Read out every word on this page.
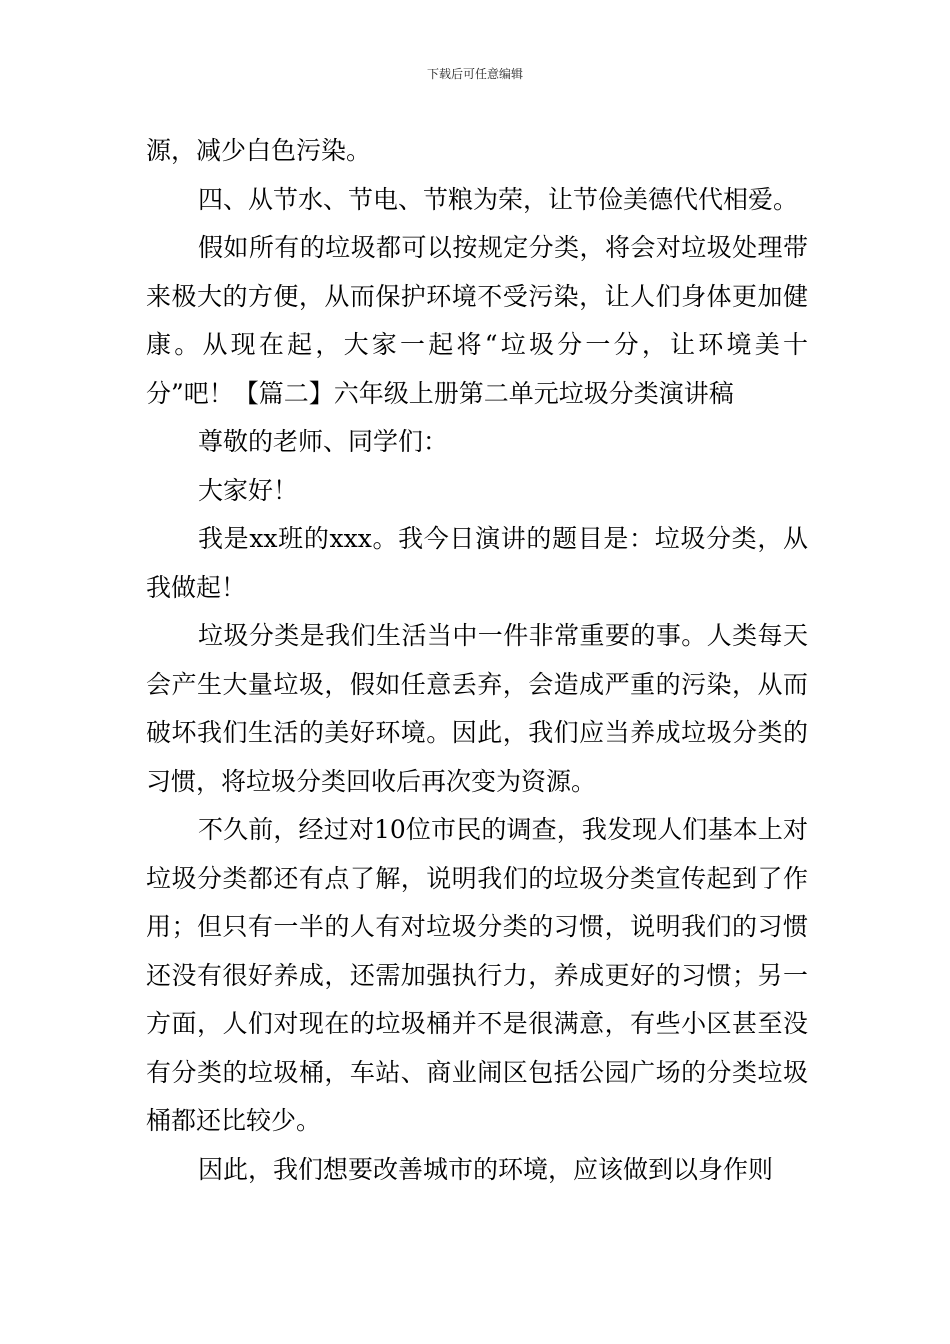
下载后可任意编辑

源，减少白色污染。

四、从节水、节电、节粮为荣，让节俭美德代代相爱。

假如所有的垃圾都可以按规定分类，将会对垃圾处理带来极大的方便，从而保护环境不受污染，让人们身体更加健康。从现在起，大家一起将“垃圾分一分，让环境美十分”吧！【篇二】六年级上册第二单元垃圾分类演讲稿

尊敬的老师、同学们：

大家好！

我是xx班的xxx。我今日演讲的题目是：垃圾分类，从我做起！

垃圾分类是我们生活当中一件非常重要的事。人类每天会产生大量垃圾，假如任意丢弃，会造成严重的污染，从而破坏我们生活的美好环境。因此，我们应当养成垃圾分类的习惯，将垃圾分类回收后再次变为资源。

不久前，经过对10位市民的调查，我发现人们基本上对垃圾分类都还有点了解，说明我们的垃圾分类宣传起到了作用；但只有一半的人有对垃圾分类的习惯，说明我们的习惯还没有很好养成，还需加强执行力，养成更好的习惯；另一方面，人们对现在的垃圾桶并不是很满意，有些小区甚至没有分类的垃圾桶，车站、商业闹区包括公园广场的分类垃圾桶都还比较少。

因此，我们想要改善城市的环境，应该做到以身作则
